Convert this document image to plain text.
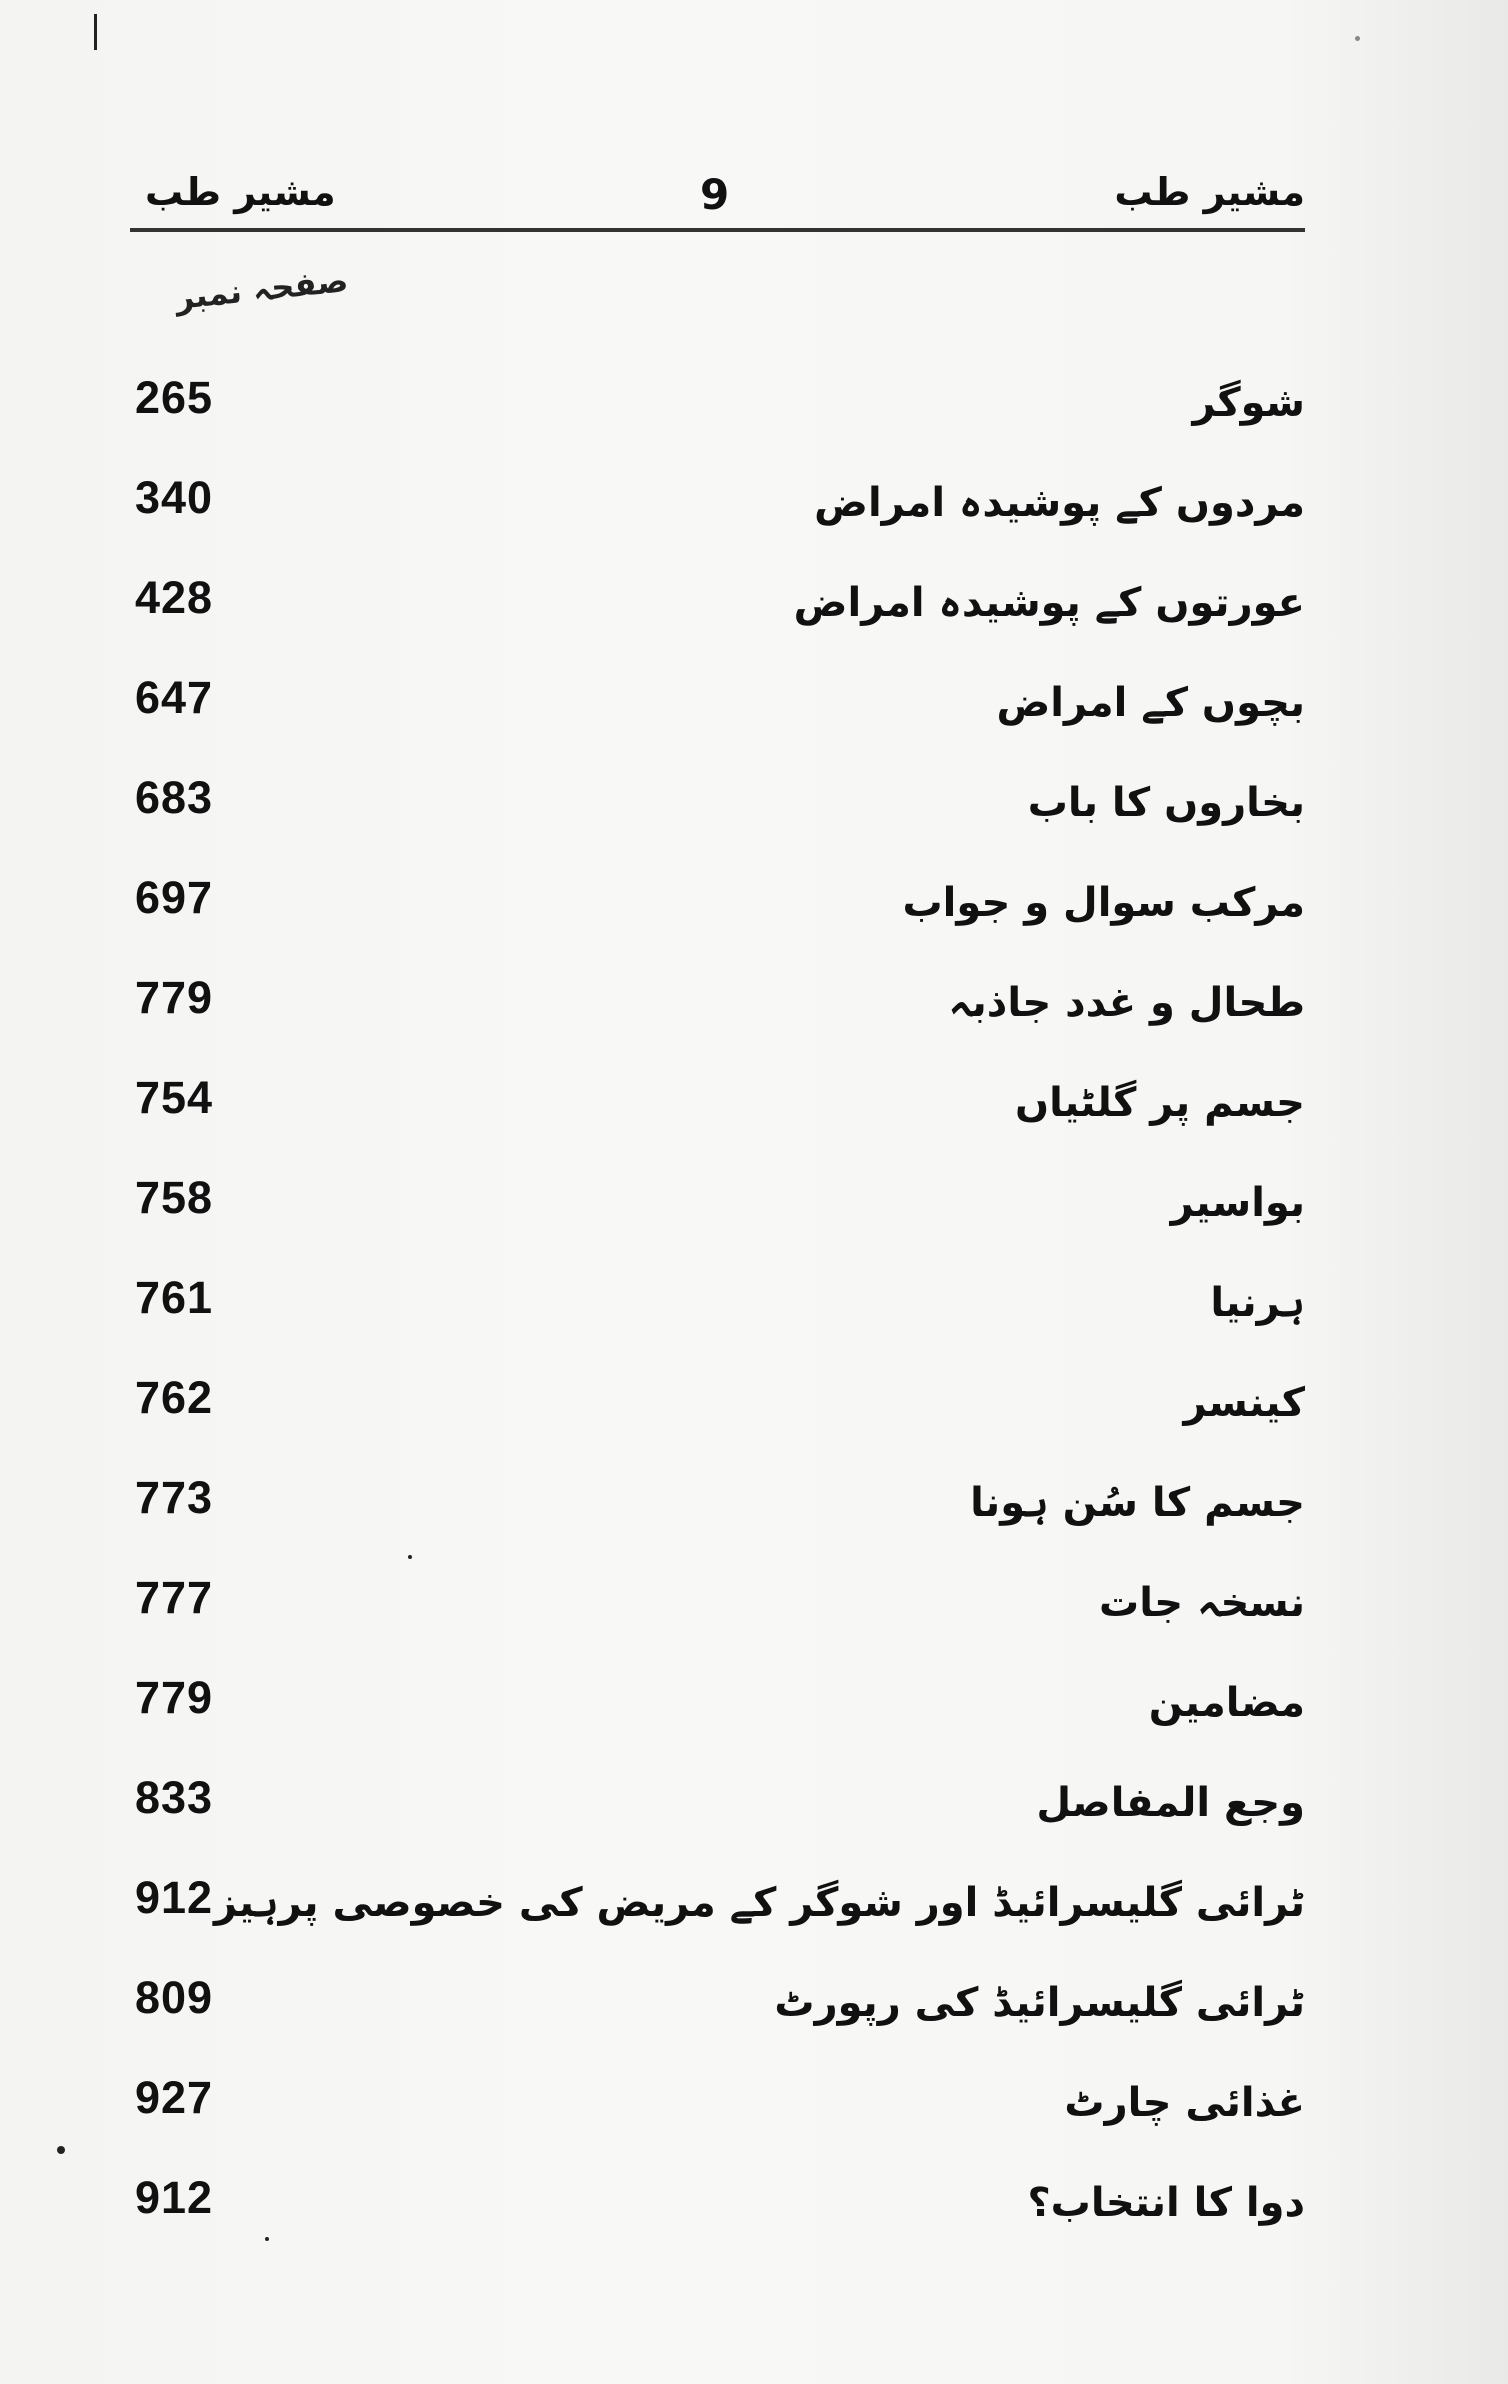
مشیر طب	9	مشیر طب
صفحہ نمبر
265	شوگر
340	مردوں کے پوشیدہ امراض
428	عورتوں کے پوشیدہ امراض
647	بچوں کے امراض
683	بخاروں کا باب
697	مرکب سوال و جواب
779	طحال و غدد جاذبہ
754	جسم پر گلٹیاں
758	بواسیر
761	ہرنیا
762	کینسر
773	جسم کا سُن ہونا
777	نسخہ جات
779	مضامین
833	وجع المفاصل
912 ٹرائی گلیسرائیڈ اور شوگر کے مریض کی خصوصی پرہیز
809	ٹرائی گلیسرائیڈ کی رپورٹ
927	غذائی چارٹ
912	دوا کا انتخاب؟
